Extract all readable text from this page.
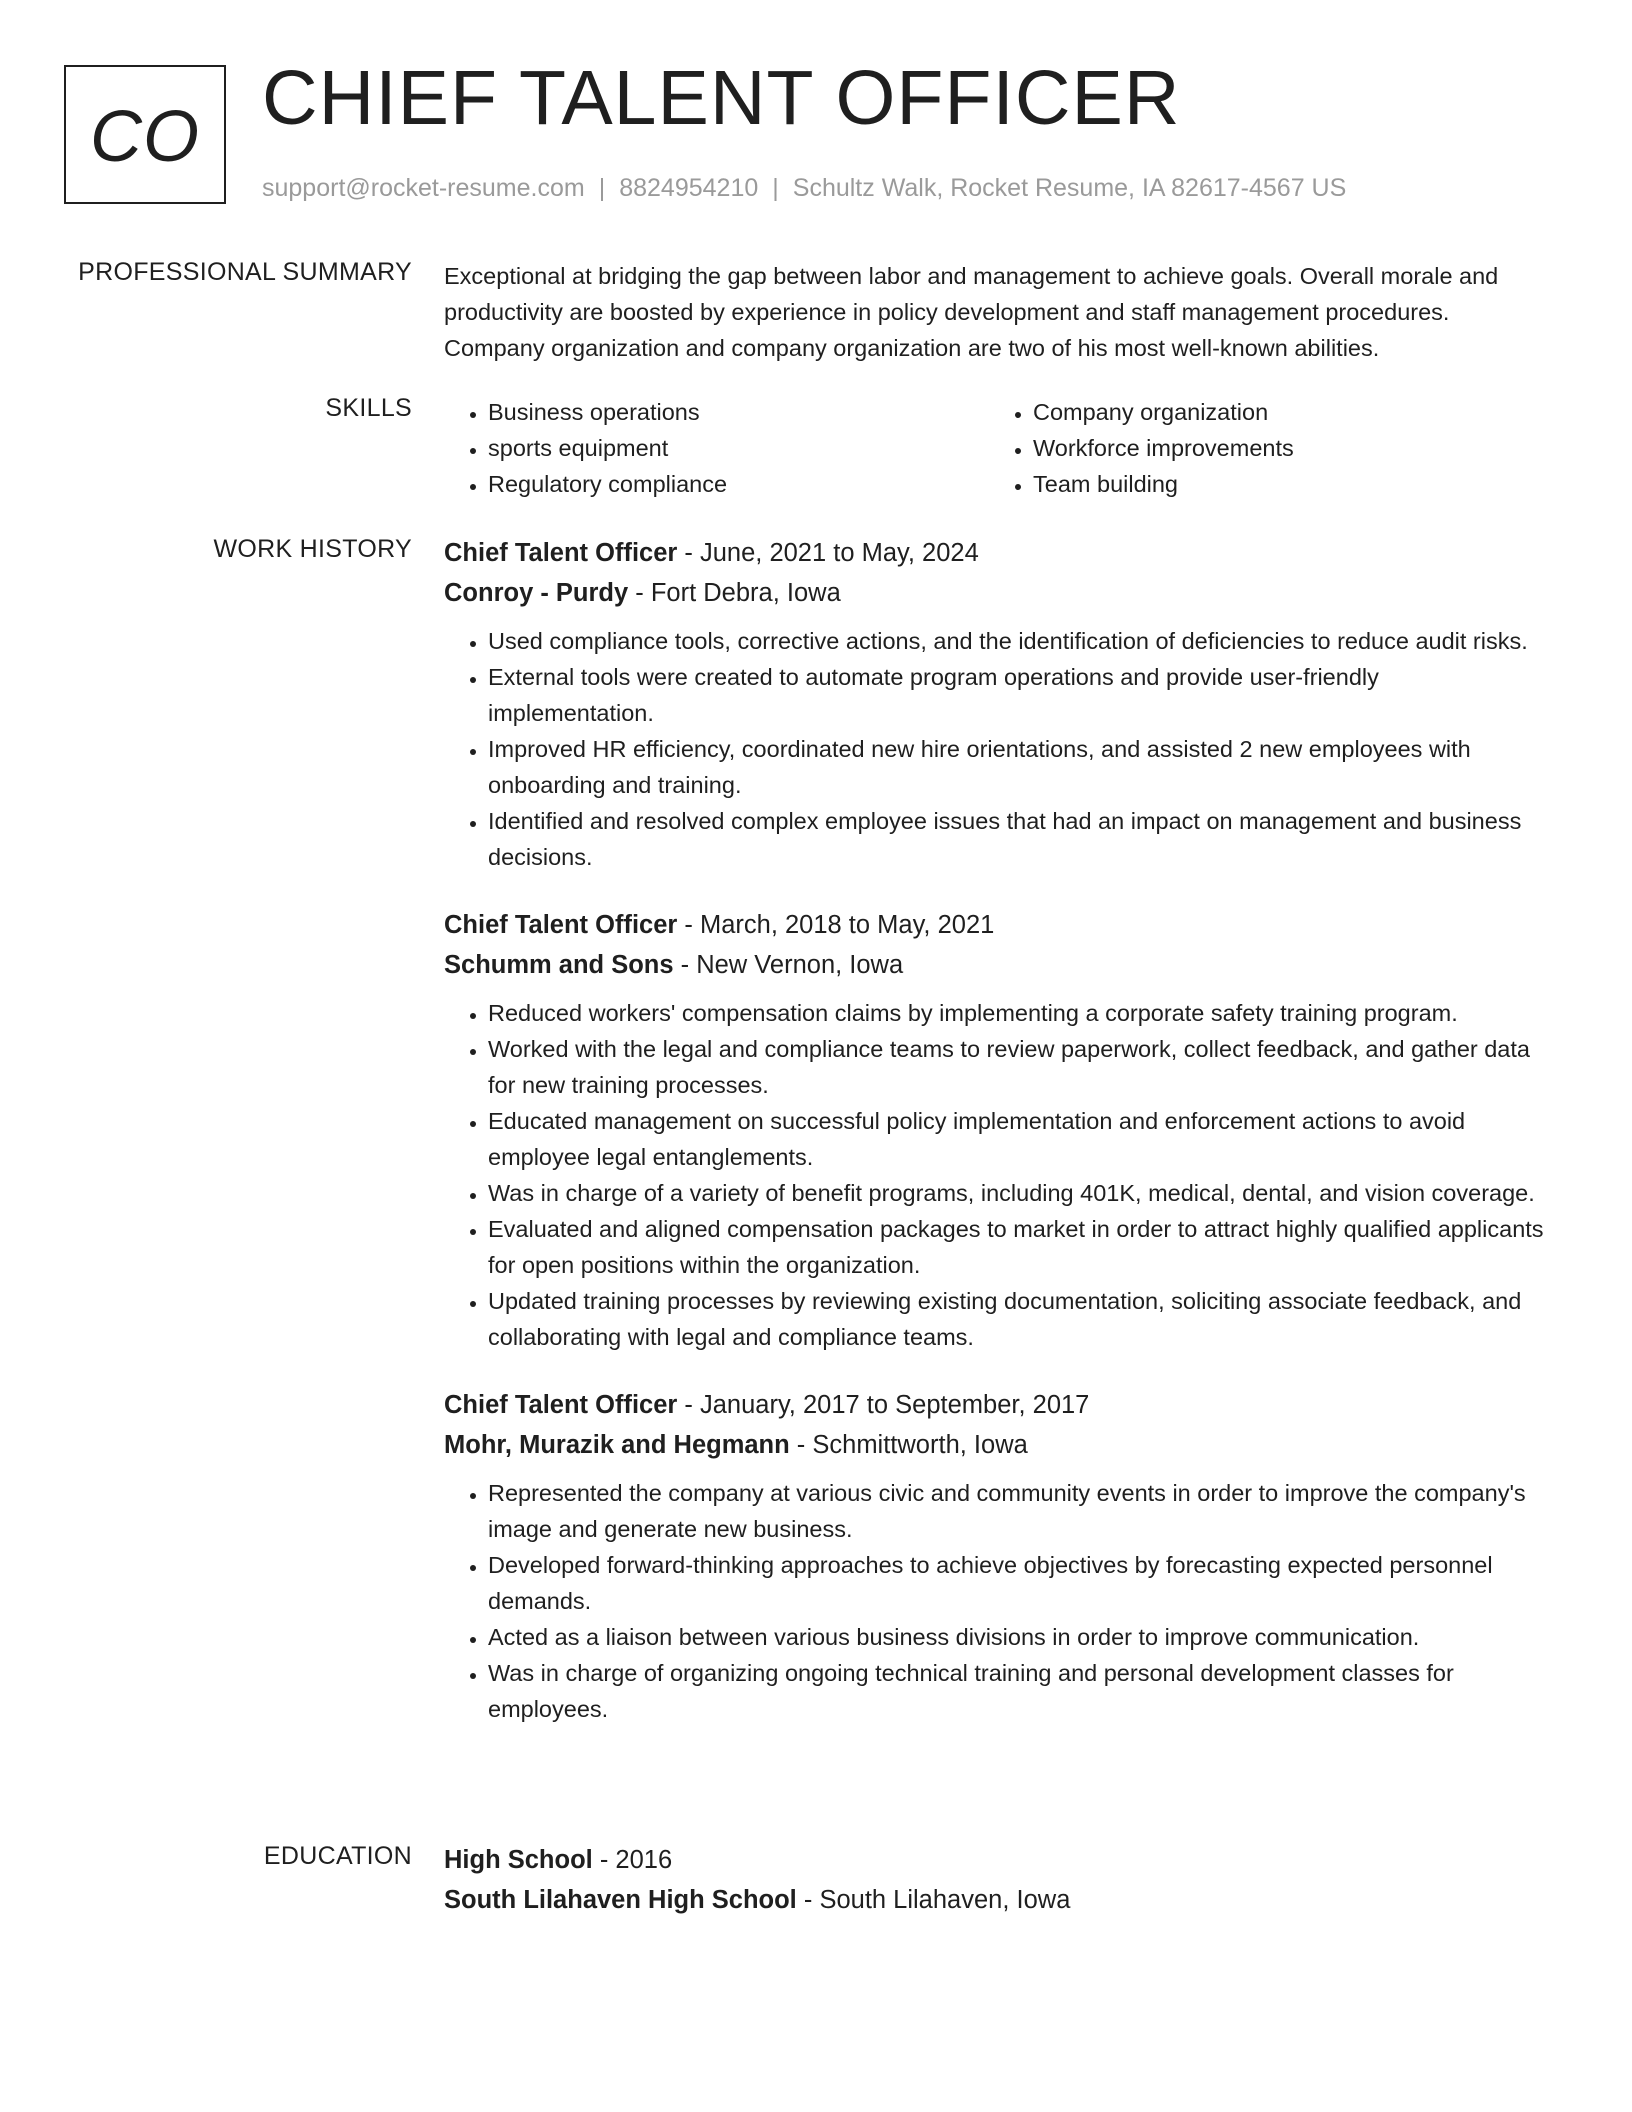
CO CHIEF TALENT OFFICER
support@rocket-resume.com | 8824954210 | Schultz Walk, Rocket Resume, IA 82617-4567 US
PROFESSIONAL SUMMARY Exceptional at bridging the gap between labor and management to achieve goals. Overall morale and productivity are boosted by experience in policy development and staff management procedures. Company organization and company organization are two of his most well-known abilities.

SKILLS
•	Business operations
• sports equipment
• Regulatory compliance
• Company organization
• Workforce improvements
• Team building
WORK HISTORY Chief Talent Officer - June, 2021 to May, 2024
Conroy - Purdy - Fort Debra, Iowa
• Used compliance tools, corrective actions, and the identification of deficiencies to reduce audit risks.
• External tools were created to automate program operations and provide user-friendly implementation.
• Improved HR efficiency, coordinated new hire orientations, and assisted 2 new employees with onboarding and training.
• Identified and resolved complex employee issues that had an impact on management and business decisions.
Chief Talent Officer - March, 2018 to May, 2021
Schumm and Sons - New Vernon, Iowa
• Reduced workers' compensation claims by implementing a corporate safety training program.
• Worked with the legal and compliance teams to review paperwork, collect feedback, and gather data for new training processes.
• Educated management on successful policy implementation and enforcement actions to avoid employee legal entanglements.
• Was in charge of a variety of benefit programs, including 401K, medical, dental, and vision coverage.
• Evaluated and aligned compensation packages to market in order to attract highly qualified applicants for open positions within the organization.
• Updated training processes by reviewing existing documentation, soliciting associate feedback, and collaborating with legal and compliance teams.
Chief Talent Officer - January, 2017 to September, 2017
Mohr, Murazik and Hegmann - Schmittworth, Iowa
• Represented the company at various civic and community events in order to improve the company's image and generate new business.
• Developed forward-thinking approaches to achieve objectives by forecasting expected personnel demands.
• Acted as a liaison between various business divisions in order to improve communication.
• Was in charge of organizing ongoing technical training and personal development classes for employees.
EDUCATION High School - 2016
South Lilahaven High School - South Lilahaven, Iowa
